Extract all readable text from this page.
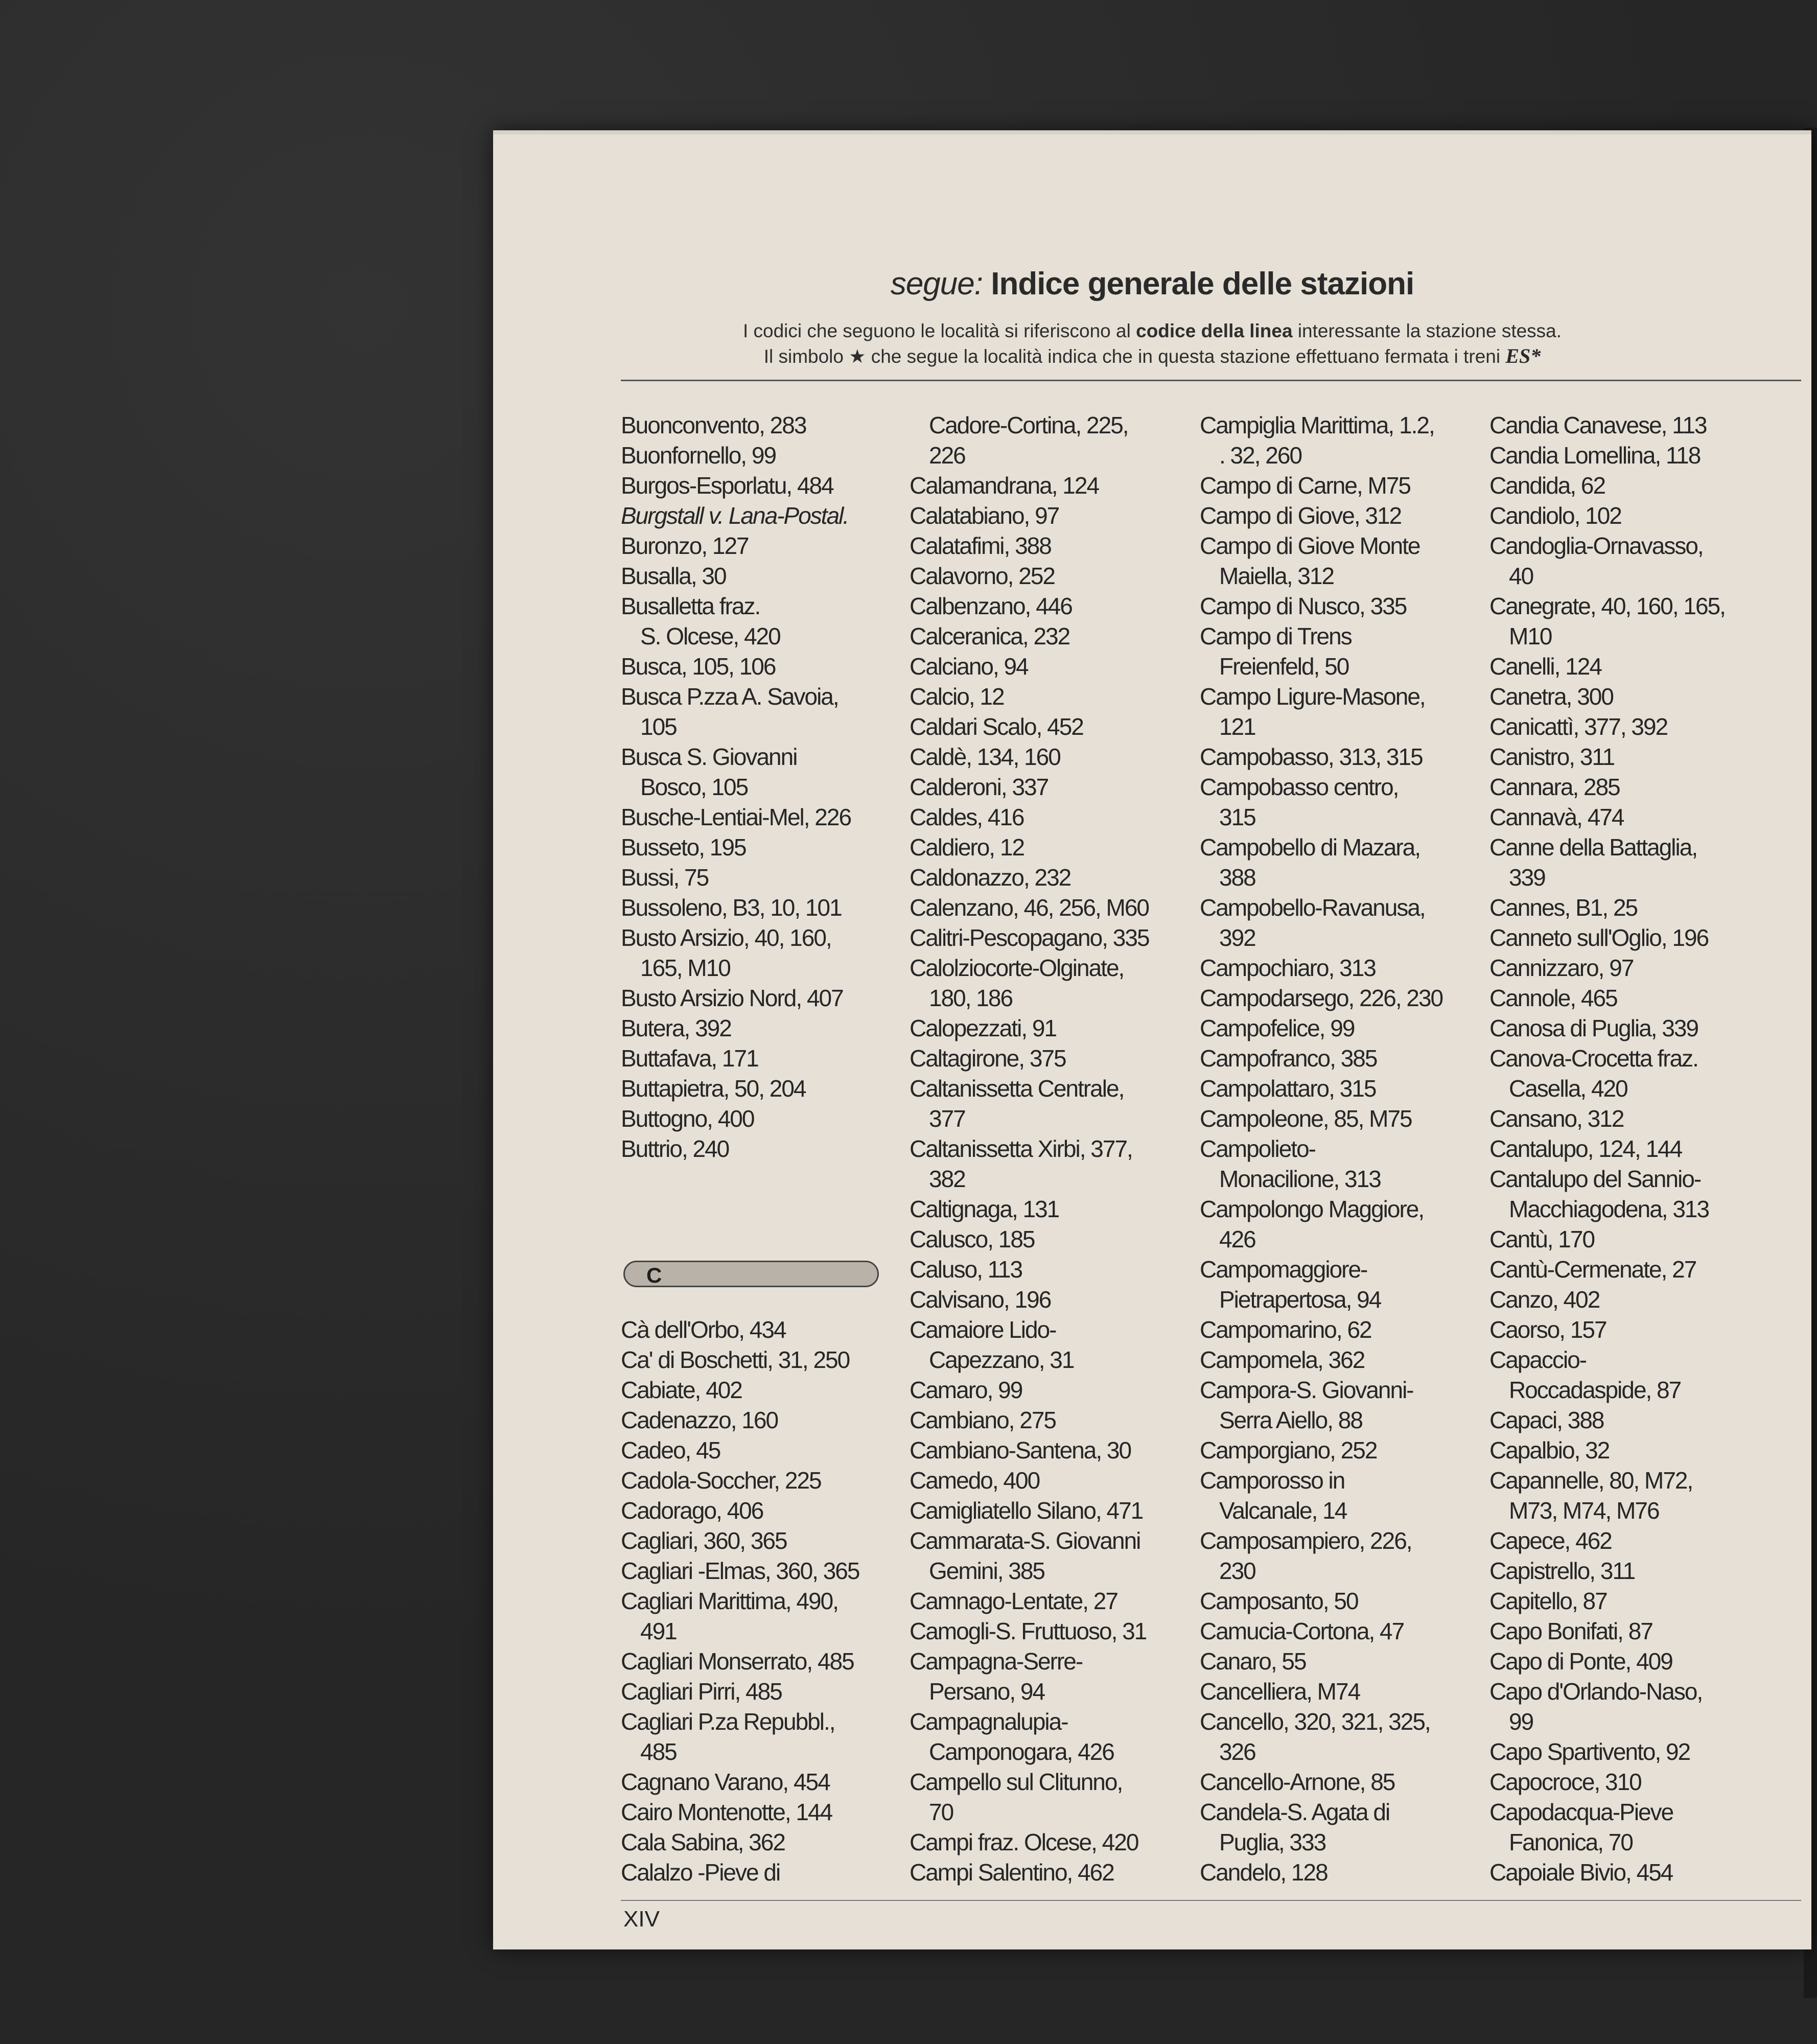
segue: Indice generale delle stazioni
I codici che seguono le località si riferiscono al codice della linea interessante la stazione stessa.
Il simbolo ★ che segue la località indica che in questa stazione effettuano fermata i treni ES*
Buonconvento, 283
Buonfornello, 99
Burgos-Esporlatu, 484
Burgstall v. Lana-Postal.
Buronzo, 127
Busalla, 30
Busalletta fraz.
S. Olcese, 420
Busca, 105, 106
Busca P.zza A. Savoia,
105
Busca S. Giovanni
Bosco, 105
Busche-Lentiai-Mel, 226
Busseto, 195
Bussi, 75
Bussoleno, B3, 10, 101
Busto Arsizio, 40, 160,
165, M10
Busto Arsizio Nord, 407
Butera, 392
Buttafava, 171
Buttapietra, 50, 204
Buttogno, 400
Buttrio, 240
Cadore-Cortina, 225,
226
Calamandrana, 124
Calatabiano, 97
Calatafimi, 388
Calavorno, 252
Calbenzano, 446
Calceranica, 232
Calciano, 94
Calcio, 12
Caldari Scalo, 452
Caldè, 134, 160
Calderoni, 337
Caldes, 416
Caldiero, 12
Caldonazzo, 232
Calenzano, 46, 256, M60
Calitri-Pescopagano, 335
Calolziocorte-Olginate,
180, 186
Calopezzati, 91
Caltagirone, 375
Caltanissetta Centrale,
377
Caltanissetta Xirbi, 377,
382
Caltignaga, 131
Calusco, 185
Caluso, 113
Calvisano, 196
Camaiore Lido-
Capezzano, 31
Camaro, 99
Cambiano, 275
Cambiano-Santena, 30
Camedo, 400
Camigliatello Silano, 471
Cammarata-S. Giovanni
Gemini, 385
Camnago-Lentate, 27
Camogli-S. Fruttuoso, 31
Campagna-Serre-
Persano, 94
Campagnalupia-
Camponogara, 426
Campello sul Clitunno,
70
Campi fraz. Olcese, 420
Campi Salentino, 462
Campiglia Marittima, 1.2,
. 32, 260
Campo di Carne, M75
Campo di Giove, 312
Campo di Giove Monte
Maiella, 312
Campo di Nusco, 335
Campo di Trens
Freienfeld, 50
Campo Ligure-Masone,
121
Campobasso, 313, 315
Campobasso centro,
315
Campobello di Mazara,
388
Campobello-Ravanusa,
392
Campochiaro, 313
Campodarsego, 226, 230
Campofelice, 99
Campofranco, 385
Campolattaro, 315
Campoleone, 85, M75
Campolieto-
Monacilione, 313
Campolongo Maggiore,
426
Campomaggiore-
Pietrapertosa, 94
Campomarino, 62
Campomela, 362
Campora-S. Giovanni-
Serra Aiello, 88
Camporgiano, 252
Camporosso in
Valcanale, 14
Camposampiero, 226,
230
Camposanto, 50
Camucia-Cortona, 47
Canaro, 55
Cancelliera, M74
Cancello, 320, 321, 325,
326
Cancello-Arnone, 85
Candela-S. Agata di
Puglia, 333
Candelo, 128
Candia Canavese, 113
Candia Lomellina, 118
Candida, 62
Candiolo, 102
Candoglia-Ornavasso,
40
Canegrate, 40, 160, 165,
M10
Canelli, 124
Canetra, 300
Canicattì, 377, 392
Canistro, 311
Cannara, 285
Cannavà, 474
Canne della Battaglia,
339
Cannes, B1, 25
Canneto sull'Oglio, 196
Cannizzaro, 97
Cannole, 465
Canosa di Puglia, 339
Canova-Crocetta fraz.
Casella, 420
Cansano, 312
Cantalupo, 124, 144
Cantalupo del Sannio-
Macchiagodena, 313
Cantù, 170
Cantù-Cermenate, 27
Canzo, 402
Caorso, 157
Capaccio-
Roccadaspide, 87
Capaci, 388
Capalbio, 32
Capannelle, 80, M72,
M73, M74, M76
Capece, 462
Capistrello, 311
Capitello, 87
Capo Bonifati, 87
Capo di Ponte, 409
Capo d'Orlando-Naso,
99
Capo Spartivento, 92
Capocroce, 310
Capodacqua-Pieve
Fanonica, 70
Capoiale Bivio, 454
C
Cà dell'Orbo, 434
Ca' di Boschetti, 31, 250
Cabiate, 402
Cadenazzo, 160
Cadeo, 45
Cadola-Soccher, 225
Cadorago, 406
Cagliari, 360, 365
Cagliari -Elmas, 360, 365
Cagliari Marittima, 490,
491
Cagliari Monserrato, 485
Cagliari Pirri, 485
Cagliari P.za Repubbl.,
485
Cagnano Varano, 454
Cairo Montenotte, 144
Cala Sabina, 362
Calalzo -Pieve di
XIV
